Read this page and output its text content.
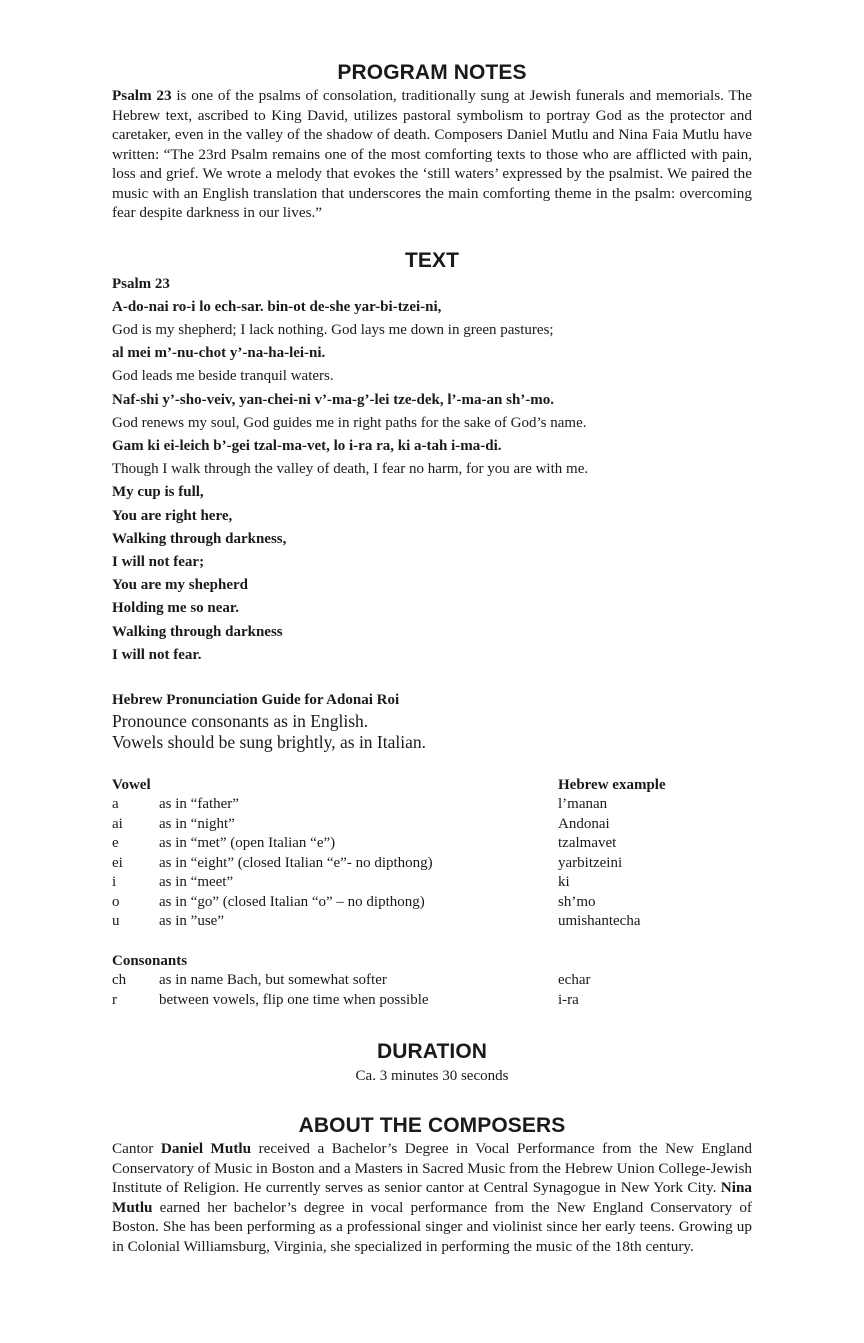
PROGRAM NOTES

Psalm 23 is one of the psalms of consolation, traditionally sung at Jewish funerals and memorials. The Hebrew text, ascribed to King David, utilizes pastoral symbolism to portray God as the protector and caretaker, even in the valley of the shadow of death. Composers Daniel Mutlu and Nina Faia Mutlu have written: “The 23rd Psalm remains one of the most comforting texts to those who are afflicted with pain, loss and grief. We wrote a melody that evokes the ‘still waters’ expressed by the psalmist. We paired the music with an English translation that underscores the main comforting theme in the psalm: overcoming fear despite darkness in our lives.”

TEXT
Psalm 23
A-do-nai ro-i lo ech-sar. bin-ot de-she yar-bi-tzei-ni,
God is my shepherd; I lack nothing. God lays me down in green pastures;
al mei m’-nu-chot y’-na-ha-lei-ni.
God leads me beside tranquil waters.
Naf-shi y’-sho-veiv, yan-chei-ni v’-ma-g’-lei tze-dek, l’-ma-an sh’-mo.
God renews my soul, God guides me in right paths for the sake of God’s name.
Gam ki ei-leich b’-gei tzal-ma-vet, lo i-ra ra, ki a-tah i-ma-di.
Though I walk through the valley of death, I fear no harm, for you are with me.
My cup is full,
You are right here,
Walking through darkness,
I will not fear;
You are my shepherd
Holding me so near.
Walking through darkness
I will not fear.
Hebrew Pronunciation Guide for Adonai Roi
Pronounce consonants as in English.
Vowels should be sung brightly, as in Italian.
Vowel		Hebrew example
a	as in “father”	l’manan
ai	as in “night”	Andonai
e	as in “met” (open Italian “e”)	tzalmavet
ei	as in “eight” (closed Italian “e”- no dipthong)	yarbitzeini
i	as in “meet”	ki
o	as in “go” (closed Italian “o” – no dipthong)	sh’mo
u	as in ”use”	umishantecha
Consonants		
ch	as in name Bach, but somewhat softer	echar
r	between vowels, flip one time when possible	i-ra
DURATION
Ca. 3 minutes 30 seconds
ABOUT THE COMPOSERS

Cantor Daniel Mutlu received a Bachelor’s Degree in Vocal Performance from the New England Conservatory of Music in Boston and a Masters in Sacred Music from the Hebrew Union College-Jewish Institute of Religion. He currently serves as senior cantor at Central Synagogue in New York City. Nina Mutlu earned her bachelor’s degree in vocal performance from the New England Conservatory of Boston. She has been performing as a professional singer and violinist since her early teens. Growing up in Colonial Williamsburg, Virginia, she specialized in performing the music of the 18th century.
